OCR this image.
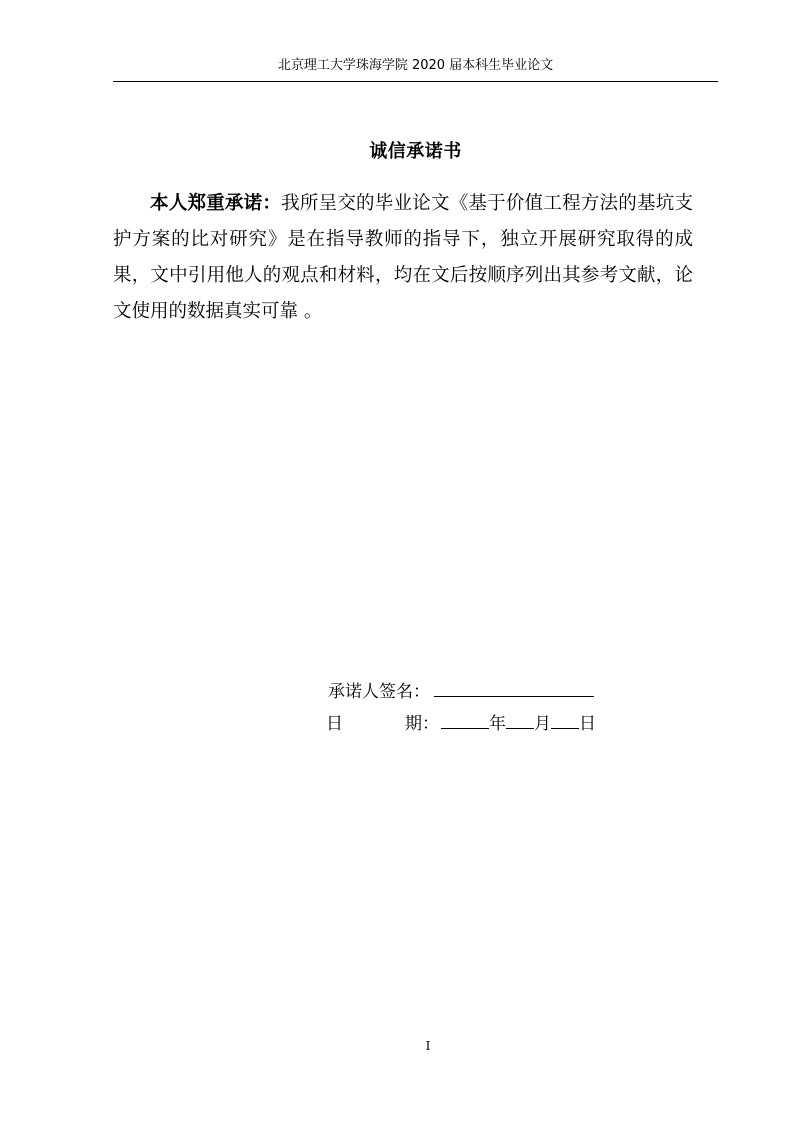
北京理工大学珠海学院 2020 届本科生毕业论文
诚信承诺书
本人郑重承诺：我所呈交的毕业论文《基于价值工程方法的基坑支护方案的比对研究》是在指导教师的指导下，独立开展研究取得的成果，文中引用他人的观点和材料，均在文后按顺序列出其参考文献，论文使用的数据真实可靠 。
承诺人签名：
日	期：	年 月 日
I
